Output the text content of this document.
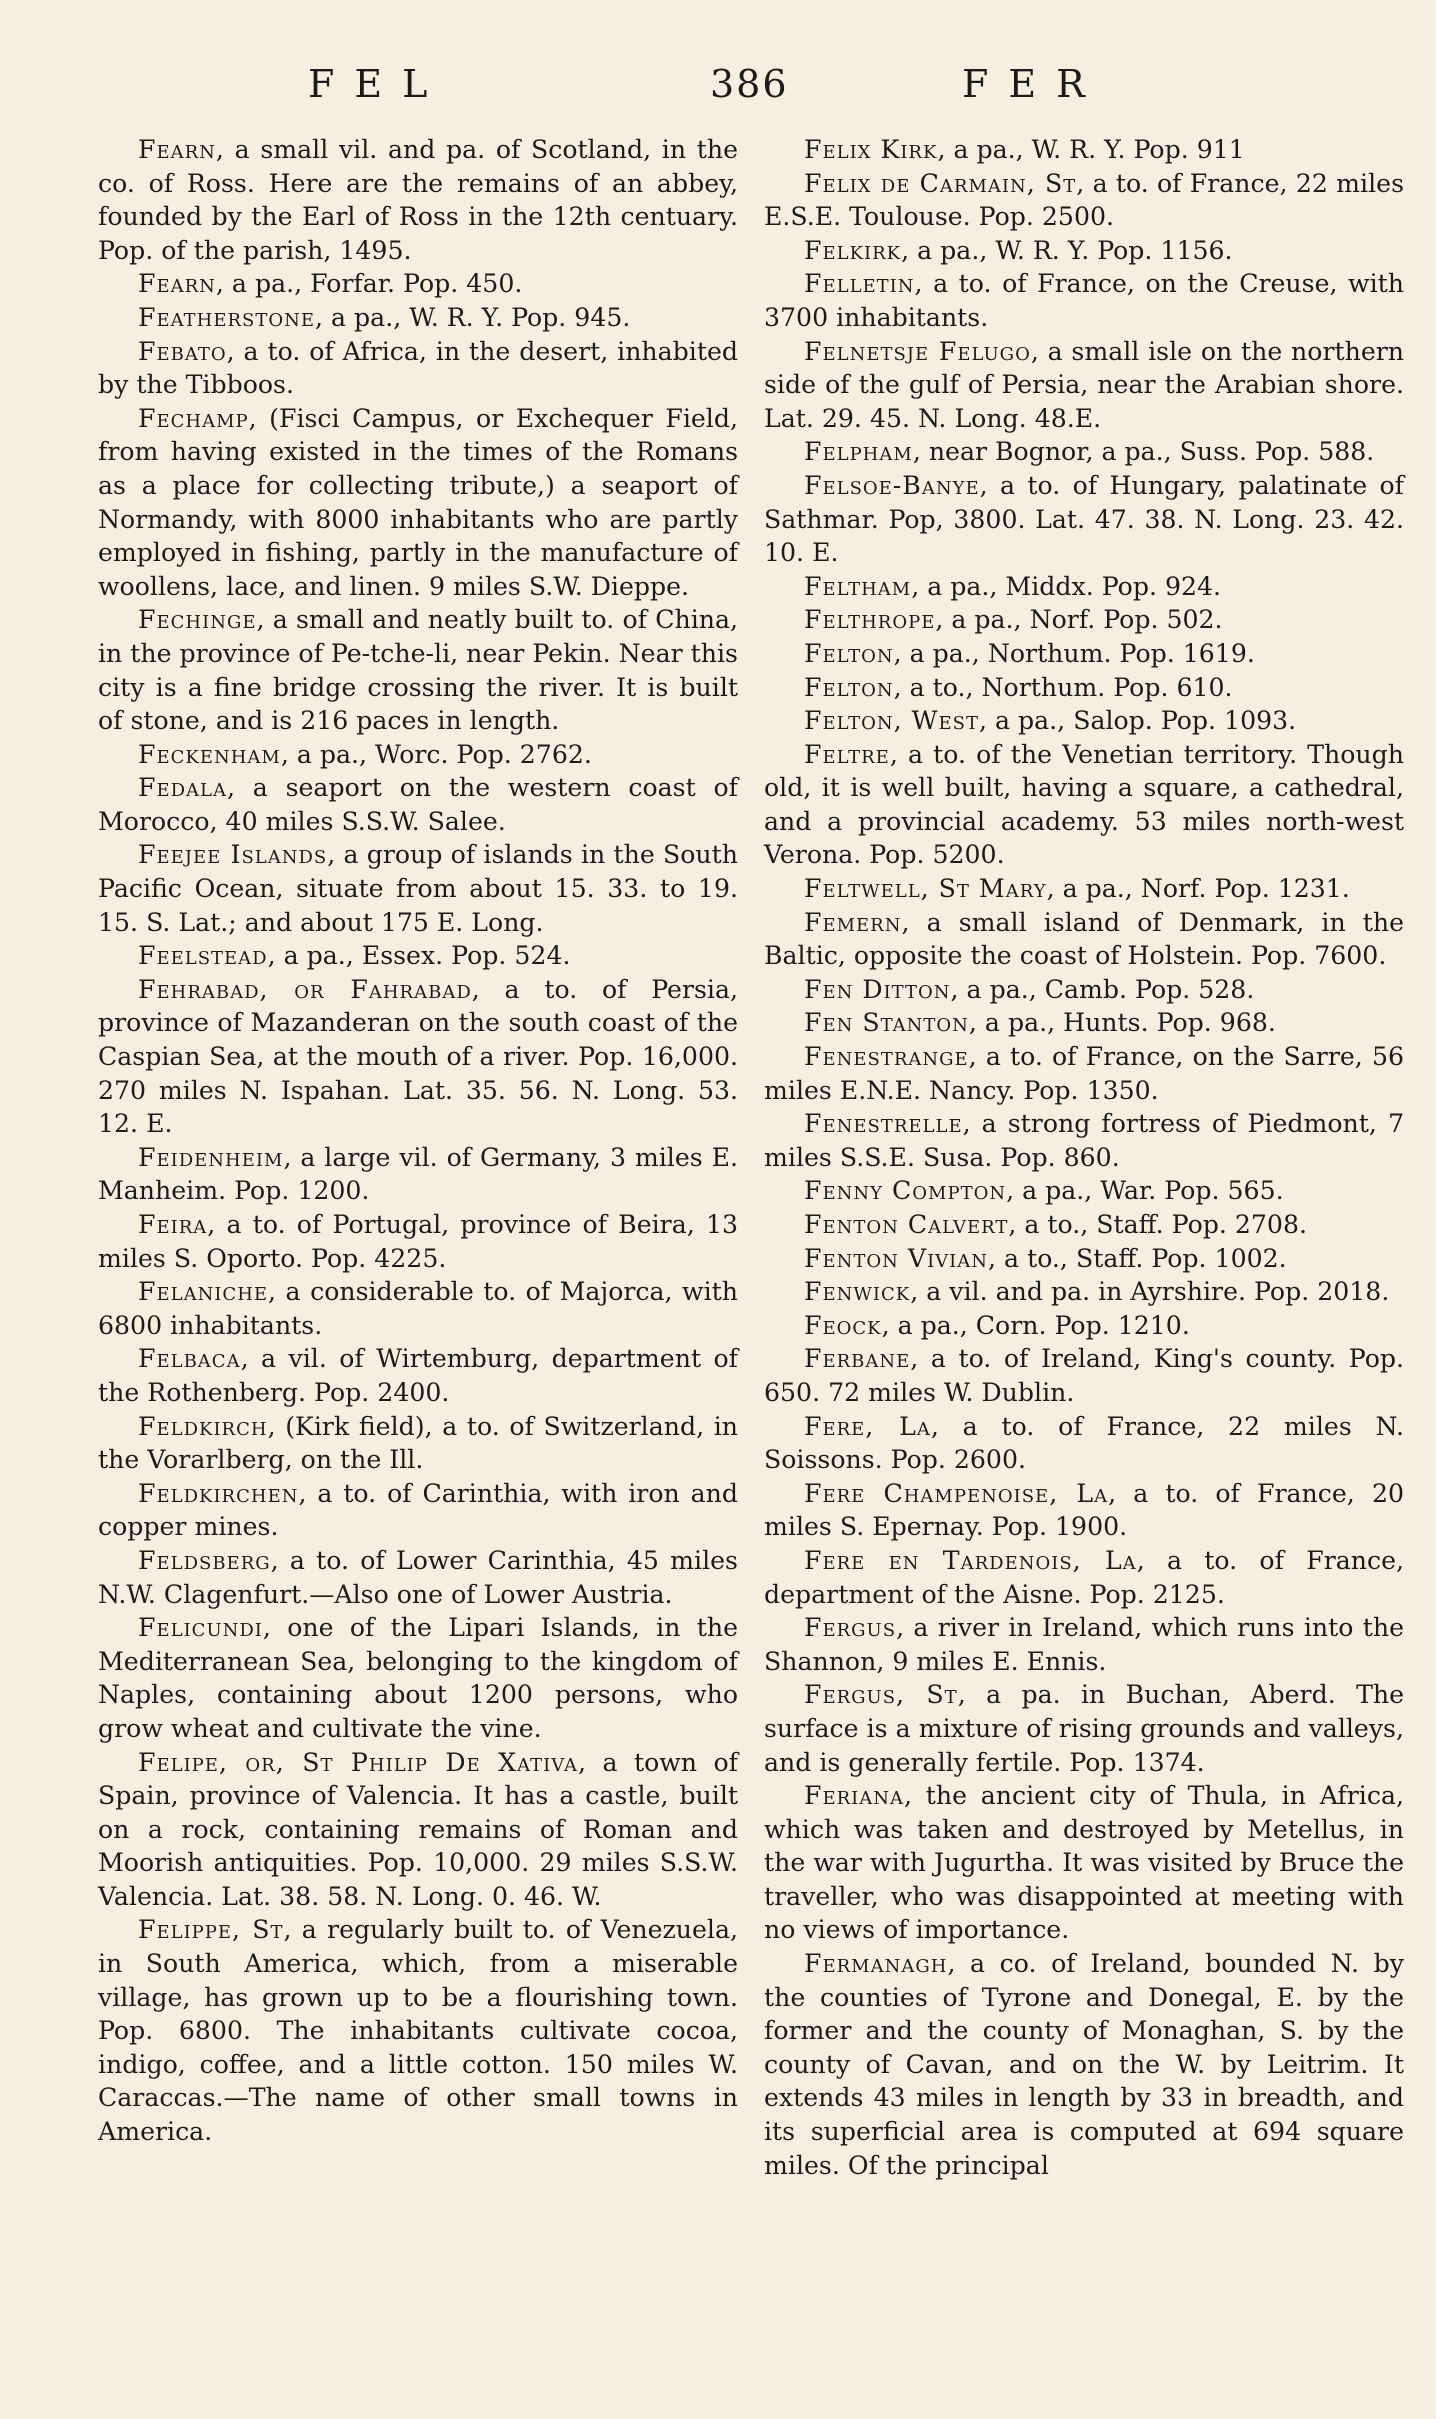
FEL	386	FER

Fearn, a small vil. and pa. of Scotland, in the co. of Ross. Here are the remains of an abbey, founded by the Earl of Ross in the 12th centuary. Pop. of the parish, 1495.

Fearn, a pa., Forfar. Pop. 450.

Featherstone, a pa., W. R. Y. Pop. 945.

Febato, a to. of Africa, in the desert, inhabited by the Tibboos.

Fechamp, (Fisci Campus, or Exchequer Field, from having existed in the times of the Romans as a place for collecting tribute,) a seaport of Normandy, with 8000 inhabitants who are partly employed in fishing, partly in the manufacture of woollens, lace, and linen. 9 miles S.W. Dieppe.

Fechinge, a small and neatly built to. of China, in the province of Pe-tche-li, near Pekin. Near this city is a fine bridge crossing the river. It is built of stone, and is 216 paces in length.

Feckenham, a pa., Worc. Pop. 2762.

Fedala, a seaport on the western coast of Morocco, 40 miles S.S.W. Salee.

Feejee Islands, a group of islands in the South Pacific Ocean, situate from about 15. 33. to 19. 15. S. Lat.; and about 175 E. Long.

Feelstead, a pa., Essex. Pop. 524.

Fehrabad, or Fahrabad, a to. of Persia, province of Mazanderan on the south coast of the Caspian Sea, at the mouth of a river. Pop. 16,000. 270 miles N. Ispahan. Lat. 35. 56. N. Long. 53. 12. E.

Feidenheim, a large vil. of Germany, 3 miles E. Manheim. Pop. 1200.

Feira, a to. of Portugal, province of Beira, 13 miles S. Oporto. Pop. 4225.

Felaniche, a considerable to. of Majorca, with 6800 inhabitants.

Felbaca, a vil. of Wirtemburg, department of the Rothenberg. Pop. 2400.

Feldkirch, (Kirk field), a to. of Switzerland, in the Vorarlberg, on the Ill.

Feldkirchen, a to. of Carinthia, with iron and copper mines.

Feldsberg, a to. of Lower Carinthia, 45 miles N.W. Clagenfurt.—Also one of Lower Austria.

Felicundi, one of the Lipari Islands, in the Mediterranean Sea, belonging to the kingdom of Naples, containing about 1200 persons, who grow wheat and cultivate the vine.

Felipe, or, St Philip De Xativa, a town of Spain, province of Valencia. It has a castle, built on a rock, containing remains of Roman and Moorish antiquities. Pop. 10,000. 29 miles S.S.W. Valencia. Lat. 38. 58. N. Long. 0. 46. W.

Felippe, St, a regularly built to. of Venezuela, in South America, which, from a miserable village, has grown up to be a flourishing town. Pop. 6800. The inhabitants cultivate cocoa, indigo, coffee, and a little cotton. 150 miles W. Caraccas.—The name of other small towns in America.

Felix Kirk, a pa., W. R. Y. Pop. 911

Felix de Carmain, St, a to. of France, 22 miles E.S.E. Toulouse. Pop. 2500.

Felkirk, a pa., W. R. Y. Pop. 1156.

Felletin, a to. of France, on the Creuse, with 3700 inhabitants.

Felnetsje Felugo, a small isle on the northern side of the gulf of Persia, near the Arabian shore. Lat. 29. 45. N. Long. 48.E.

Felpham, near Bognor, a pa., Suss. Pop. 588.

Felsoe-Banye, a to. of Hungary, palatinate of Sathmar. Pop, 3800. Lat. 47. 38. N. Long. 23. 42. 10. E.

Feltham, a pa., Middx. Pop. 924.

Felthrope, a pa., Norf. Pop. 502.

Felton, a pa., Northum. Pop. 1619.

Felton, a to., Northum. Pop. 610.

Felton, West, a pa., Salop. Pop. 1093.

Feltre, a to. of the Venetian territory. Though old, it is well built, having a square, a cathedral, and a provincial academy. 53 miles north-west Verona. Pop. 5200.

Feltwell, St Mary, a pa., Norf. Pop. 1231.

Femern, a small island of Denmark, in the Baltic, opposite the coast of Holstein. Pop. 7600.

Fen Ditton, a pa., Camb. Pop. 528.

Fen Stanton, a pa., Hunts. Pop. 968.

Fenestrange, a to. of France, on the Sarre, 56 miles E.N.E. Nancy. Pop. 1350.

Fenestrelle, a strong fortress of Piedmont, 7 miles S.S.E. Susa. Pop. 860.

Fenny Compton, a pa., War. Pop. 565.

Fenton Calvert, a to., Staff. Pop. 2708.

Fenton Vivian, a to., Staff. Pop. 1002.

Fenwick, a vil. and pa. in Ayrshire. Pop. 2018.

Feock, a pa., Corn. Pop. 1210.

Ferbane, a to. of Ireland, King's county. Pop. 650. 72 miles W. Dublin.

Fere, La, a to. of France, 22 miles N. Soissons. Pop. 2600.

Fere Champenoise, La, a to. of France, 20 miles S. Epernay. Pop. 1900.

Fere en Tardenois, La, a to. of France, department of the Aisne. Pop. 2125.

Fergus, a river in Ireland, which runs into the Shannon, 9 miles E. Ennis.

Fergus, St, a pa. in Buchan, Aberd. The surface is a mixture of rising grounds and valleys, and is generally fertile. Pop. 1374.

Feriana, the ancient city of Thula, in Africa, which was taken and destroyed by Metellus, in the war with Jugurtha. It was visited by Bruce the traveller, who was disappointed at meeting with no views of importance.

Fermanagh, a co. of Ireland, bounded N. by the counties of Tyrone and Donegal, E. by the former and the county of Monaghan, S. by the county of Cavan, and on the W. by Leitrim. It extends 43 miles in length by 33 in breadth, and its superficial area is computed at 694 square miles. Of the principal
